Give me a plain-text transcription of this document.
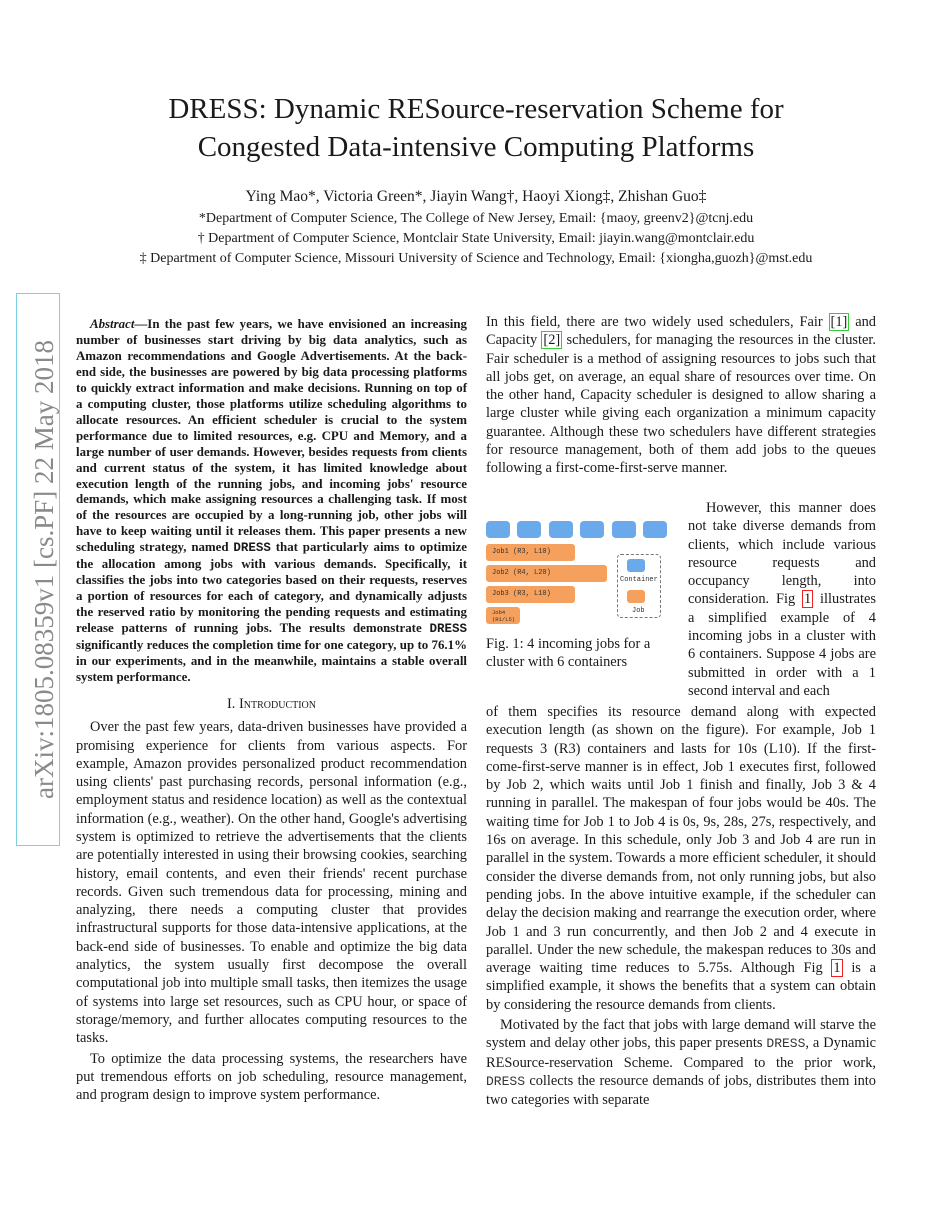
DRESS: Dynamic RESource-reservation Scheme for
Congested Data-intensive Computing Platforms
Ying Mao*, Victoria Green*, Jiayin Wang†, Haoyi Xiong‡, Zhishan Guo‡
*Department of Computer Science, The College of New Jersey, Email: {maoy, greenv2}@tcnj.edu
† Department of Computer Science, Montclair State University, Email: jiayin.wang@montclair.edu
‡ Department of Computer Science, Missouri University of Science and Technology, Email: {xiongha,guozh}@mst.edu
arXiv:1805.08359v1 [cs.PF] 22 May 2018

Abstract—In the past few years, we have envisioned an increasing number of businesses start driving by big data analytics, such as Amazon recommendations and Google Advertisements. At the back-end side, the businesses are powered by big data processing platforms to quickly extract information and make decisions. Running on top of a computing cluster, those platforms utilize scheduling algorithms to allocate resources. An efficient scheduler is crucial to the system performance due to limited resources, e.g. CPU and Memory, and a large number of user demands. However, besides requests from clients and current status of the system, it has limited knowledge about execution length of the running jobs, and incoming jobs' resource demands, which make assigning resources a challenging task. If most of the resources are occupied by a long-running job, other jobs will have to keep waiting until it releases them. This paper presents a new scheduling strategy, named DRESS that particularly aims to optimize the allocation among jobs with various demands. Specifically, it classifies the jobs into two categories based on their requests, reserves a portion of resources for each of category, and dynamically adjusts the reserved ratio by monitoring the pending requests and estimating release patterns of running jobs. The results demonstrate DRESS significantly reduces the completion time for one category, up to 76.1% in our experiments, and in the meanwhile, maintains a stable overall system performance.

I. Introduction

Over the past few years, data-driven businesses have provided a promising experience for clients from various aspects. For example, Amazon provides personalized product recommendation using clients' past purchasing records, personal information (e.g., employment status and residence location) as well as the contextual information (e.g., weather). On the other hand, Google's advertising system is optimized to retrieve the advertisements that the clients are potentially interested in using their browsing cookies, searching history, email contents, and even their friends' recent purchase records. Given such tremendous data for processing, mining and analyzing, there needs a computing cluster that provides infrastructural supports for those data-intensive applications, at the back-end side of businesses. To enable and optimize the big data analytics, the system usually first decompose the overall computational job into multiple small tasks, then itemizes the usage of systems into large set resources, such as CPU hour, or space of storage/memory, and further allocates computing resources to the tasks.

To optimize the data processing systems, the researchers have put tremendous efforts on job scheduling, resource management, and program design to improve system performance.

In this field, there are two widely used schedulers, Fair [1] and Capacity [2] schedulers, for managing the resources in the cluster. Fair scheduler is a method of assigning resources to jobs such that all jobs get, on average, an equal share of resources over time. On the other hand, Capacity scheduler is designed to allow sharing a large cluster while giving each organization a minimum capacity guarantee. Although these two schedulers have different strategies for resource management, both of them add jobs to the queues following a first-come-first-serve manner.

However, this manner does not take diverse demands from clients, which include various resource requests and occupancy length, into consideration. Fig 1 illustrates a simplified example of 4 incoming jobs in a cluster with 6 containers. Suppose 4 jobs are submitted in order with a 1 second interval and each

of them specifies its resource demand along with expected execution length (as shown on the figure). For example, Job 1 requests 3 (R3) containers and lasts for 10s (L10). If the first-come-first-serve manner is in effect, Job 1 executes first, followed by Job 2, which waits until Job 1 finish and finally, Job 3 & 4 running in parallel. The makespan of four jobs would be 40s. The waiting time for Job 1 to Job 4 is 0s, 9s, 28s, 27s, respectively, and 16s on average. In this schedule, only Job 3 and Job 4 are run in parallel in the system. Towards a more efficient scheduler, it should consider the diverse demands from, not only running jobs, but also pending jobs. In the above intuitive example, if the scheduler can delay the decision making and rearrange the execution order, where Job 1 and 3 run concurrently, and then Job 2 and 4 execute in parallel. Under the new schedule, the makespan reduces to 30s and average waiting time reduces to 5.75s. Although Fig 1 is a simplified example, it shows the benefits that a system can obtain by considering the resource demands from clients.

Motivated by the fact that jobs with large demand will starve the system and delay other jobs, this paper presents DRESS, a Dynamic RESource-reservation Scheme. Compared to the prior work, DRESS collects the resource demands of jobs, distributes them into two categories with separate

Job1 (R3, L10)
Job2 (R4, L20)
Job3 (R3, L10)
Job4 (R1/L5)
Container
Job
Fig. 1: 4 incoming jobs for a cluster with 6 containers
